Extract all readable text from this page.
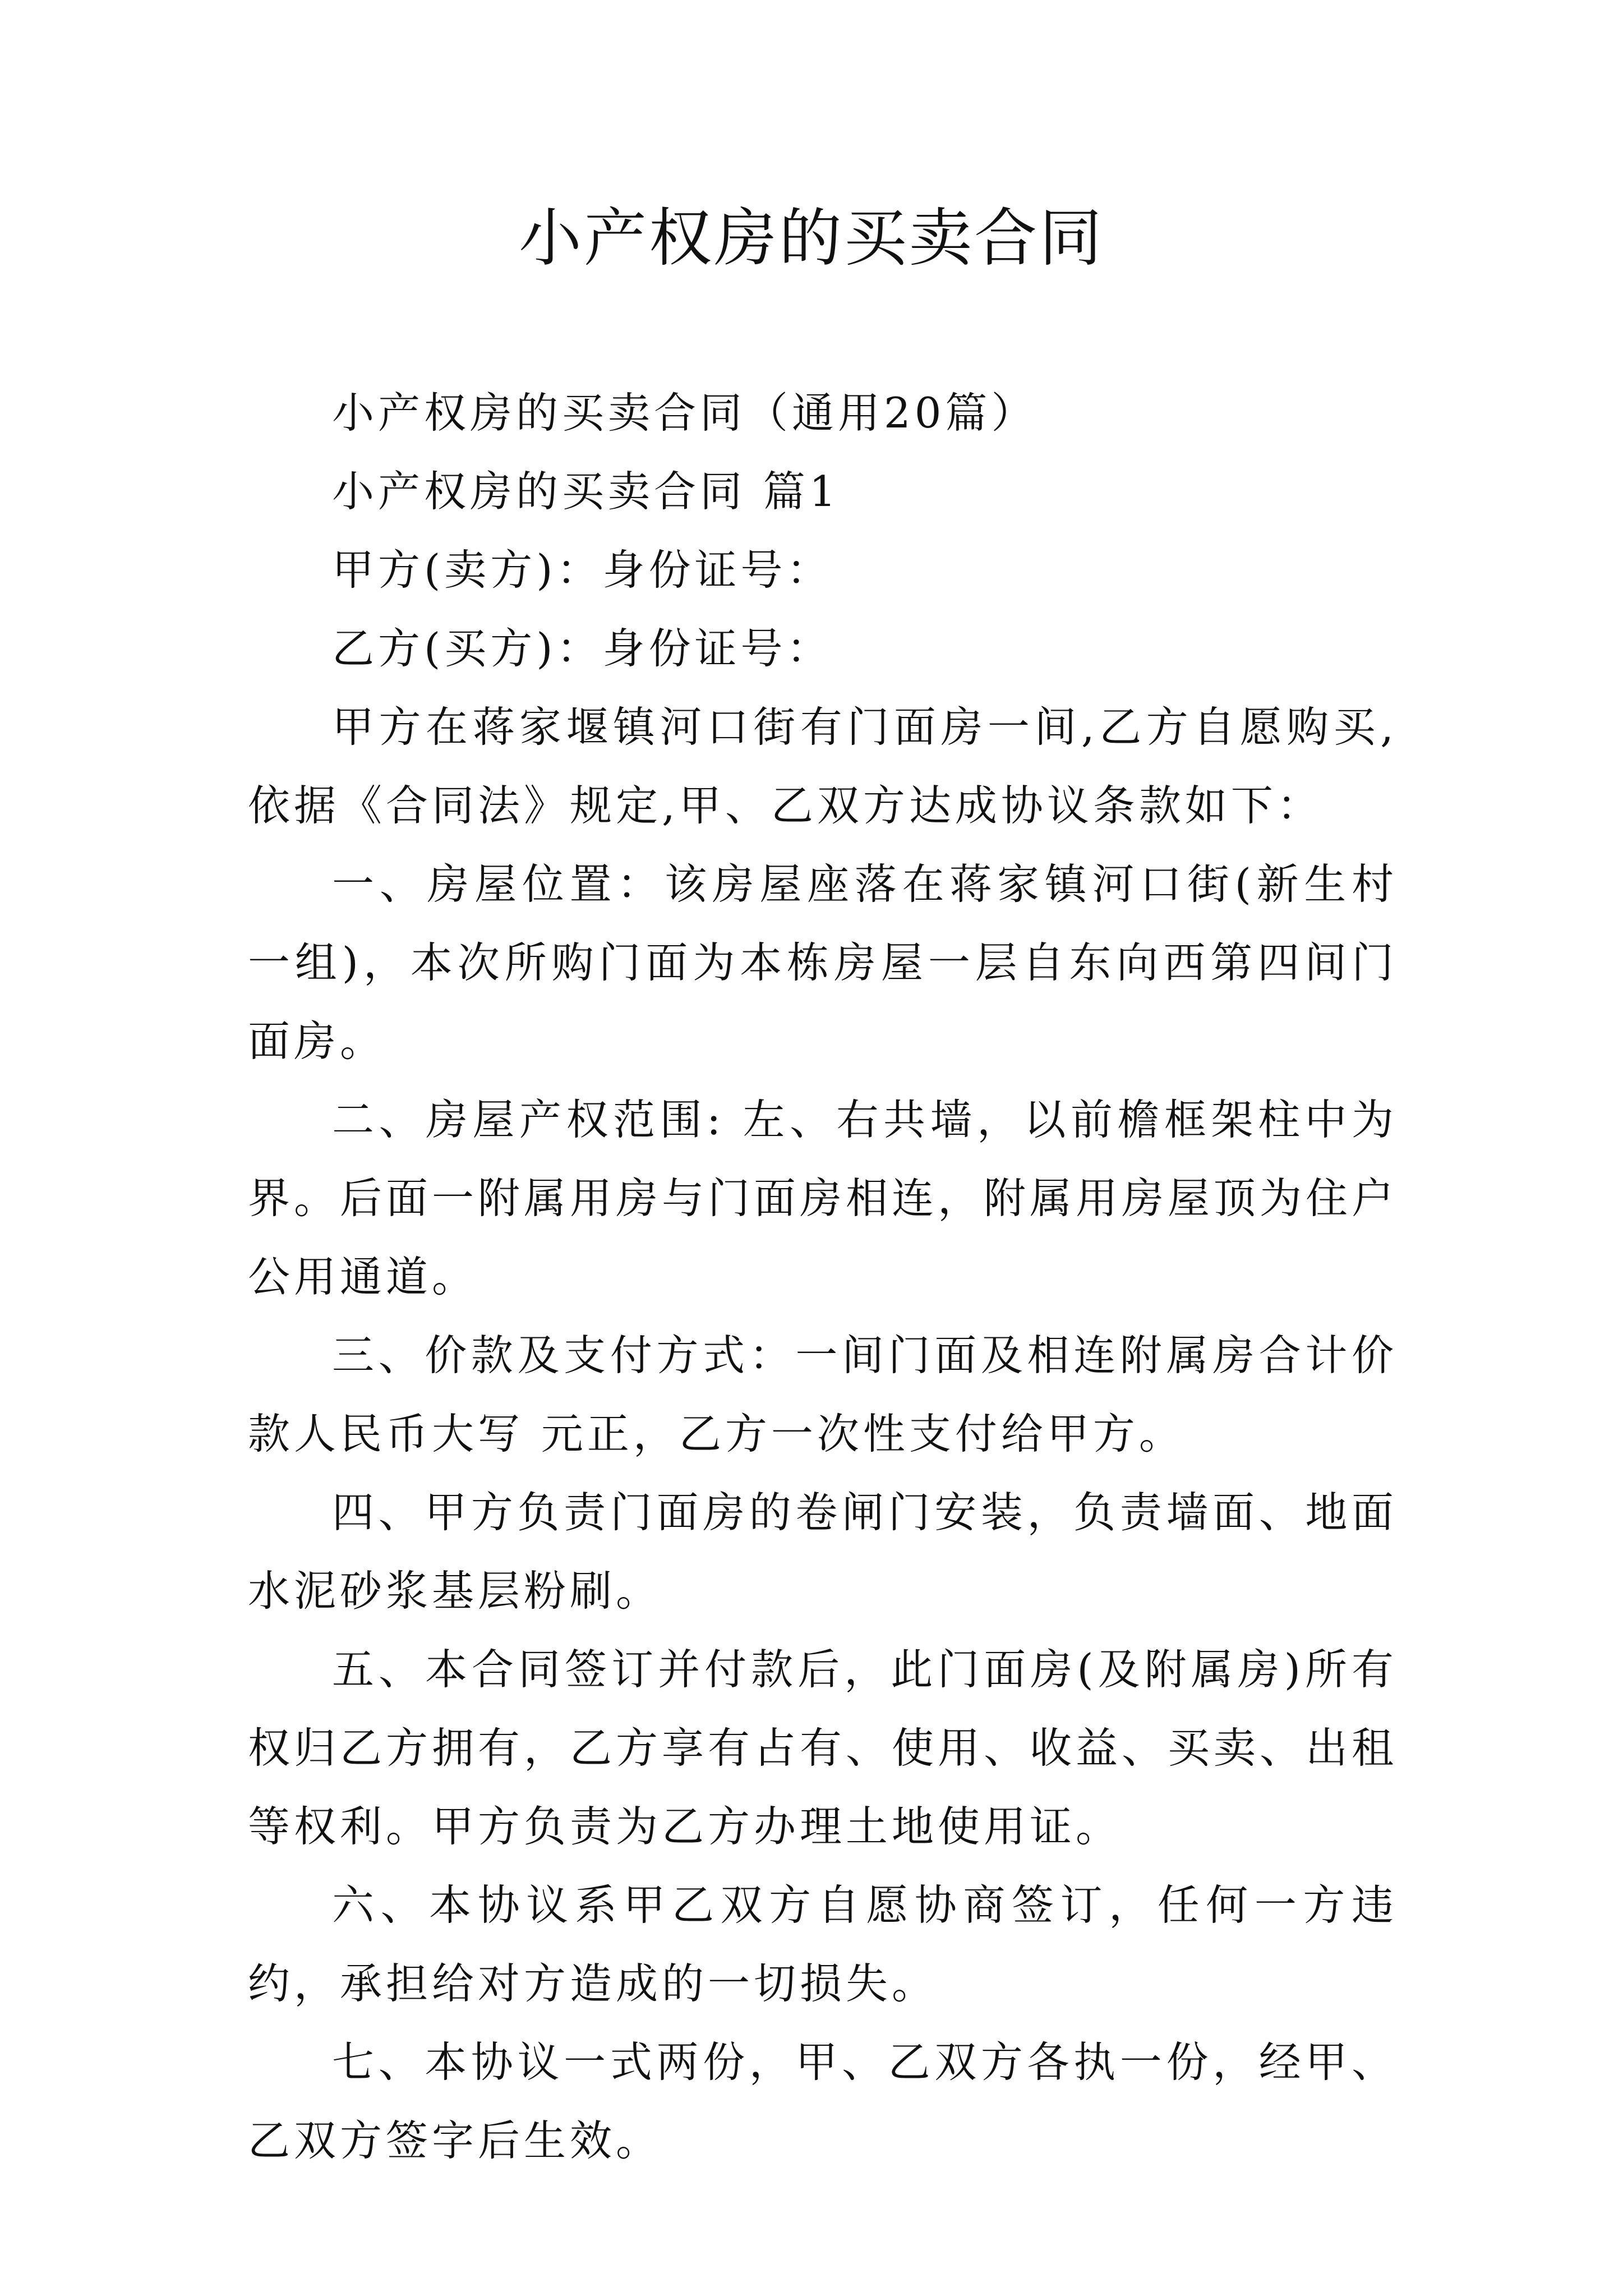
小产权房的买卖合同

小产权房的买卖合同（通用20篇）

小产权房的买卖合同 篇1

甲方(卖方)：身份证号：

乙方(买方)：身份证号：

甲方在蒋家堰镇河口街有门面房一间,乙方自愿购买,依据《合同法》规定,甲、乙双方达成协议条款如下：

一、房屋位置：该房屋座落在蒋家镇河口街(新生村一组)，本次所购门面为本栋房屋一层自东向西第四间门面房。

二、房屋产权范围: 左、右共墙，以前檐框架柱中为界。后面一附属用房与门面房相连，附属用房屋顶为住户公用通道。

三、价款及支付方式：一间门面及相连附属房合计价款人民币大写 元正，乙方一次性支付给甲方。

四、甲方负责门面房的卷闸门安装，负责墙面、地面水泥砂浆基层粉刷。

五、本合同签订并付款后，此门面房(及附属房)所有权归乙方拥有，乙方享有占有、使用、收益、买卖、出租等权利。甲方负责为乙方办理土地使用证。

六、本协议系甲乙双方自愿协商签订，任何一方违约，承担给对方造成的一切损失。

七、本协议一式两份，甲、乙双方各执一份，经甲、乙双方签字后生效。
